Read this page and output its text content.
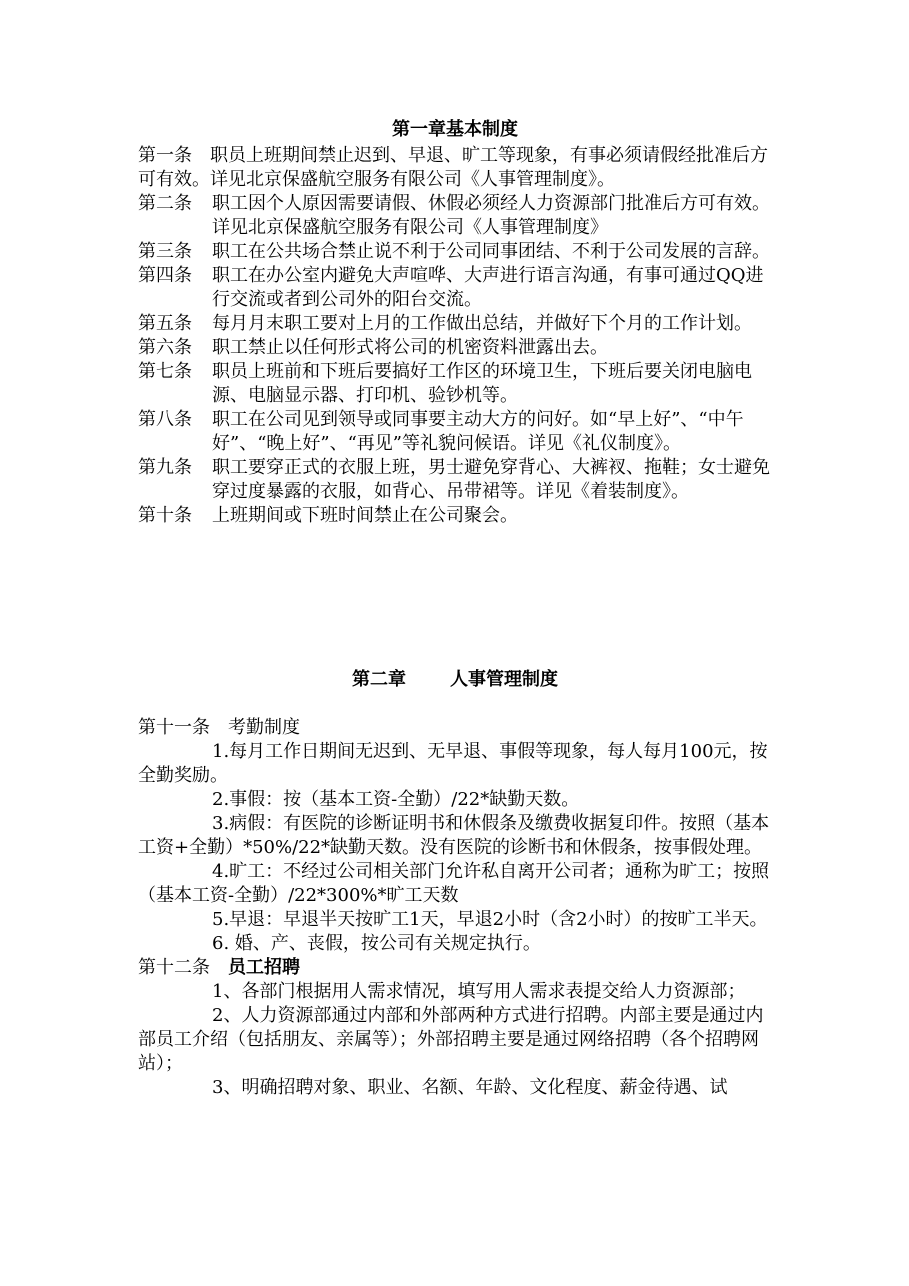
第一章基本制度

第一条 职员上班期间禁止迟到、早退、旷工等现象，有事必须请假经批准后方可有效。详见北京保盛航空服务有限公司《人事管理制度》。

第二条 职工因个人原因需要请假、休假必须经人力资源部门批准后方可有效。详见北京保盛航空服务有限公司《人事管理制度》

第三条 职工在公共场合禁止说不利于公司同事团结、不利于公司发展的言辞。

第四条 职工在办公室内避免大声喧哗、大声进行语言沟通，有事可通过QQ进行交流或者到公司外的阳台交流。

第五条 每月月末职工要对上月的工作做出总结，并做好下个月的工作计划。

第六条 职工禁止以任何形式将公司的机密资料泄露出去。

第七条 职员上班前和下班后要搞好工作区的环境卫生，下班后要关闭电脑电源、电脑显示器、打印机、验钞机等。

第八条 职工在公司见到领导或同事要主动大方的问好。如“早上好”、“中午好”、“晚上好”、“再见”等礼貌问候语。详见《礼仪制度》。

第九条 职工要穿正式的衣服上班，男士避免穿背心、大裤衩、拖鞋；女士避免穿过度暴露的衣服，如背心、吊带裙等。详见《着装制度》。

第十条 上班期间或下班时间禁止在公司聚会。

第二章 人事管理制度

第十一条 考勤制度

1.每月工作日期间无迟到、无早退、事假等现象，每人每月100元，按全勤奖励。

2.事假：按（基本工资-全勤）/22*缺勤天数。

3.病假：有医院的诊断证明书和休假条及缴费收据复印件。按照（基本工资+全勤）*50%/22*缺勤天数。没有医院的诊断书和休假条，按事假处理。

4.旷工：不经过公司相关部门允许私自离开公司者；通称为旷工；按照（基本工资-全勤）/22*300%*旷工天数

5.早退：早退半天按旷工1天，早退2小时（含2小时）的按旷工半天。

6. 婚、产、丧假，按公司有关规定执行。

第十二条 员工招聘

1、各部门根据用人需求情况，填写用人需求表提交给人力资源部；

2、人力资源部通过内部和外部两种方式进行招聘。内部主要是通过内部员工介绍（包括朋友、亲属等）；外部招聘主要是通过网络招聘（各个招聘网站）；

3、明确招聘对象、职业、名额、年龄、文化程度、薪金待遇、试
